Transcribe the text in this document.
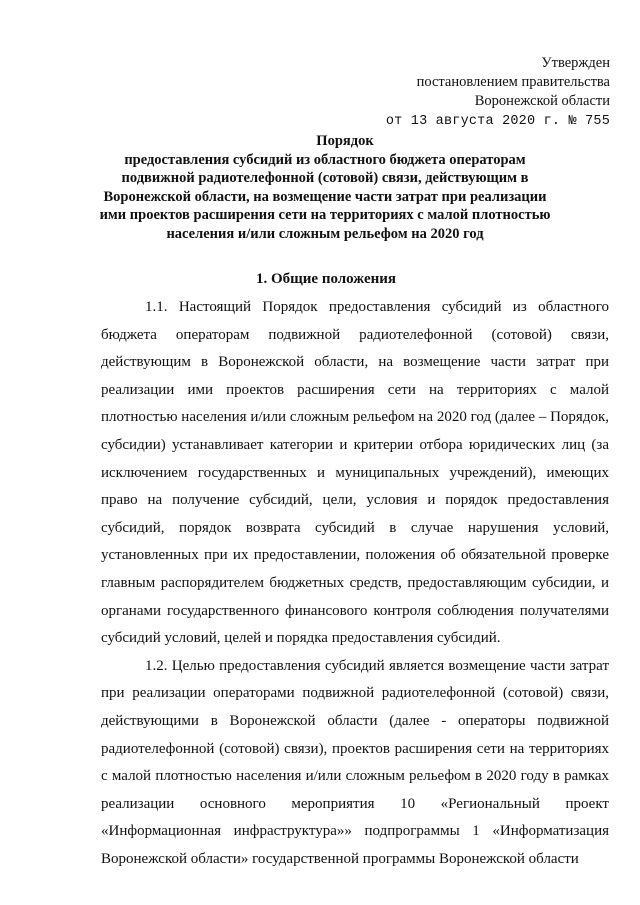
Утвержден
постановлением правительства
Воронежской области
от 13 августа 2020 г. № 755
Порядок
предоставления субсидий из областного бюджета операторам подвижной радиотелефонной (сотовой) связи, действующим в Воронежской области, на возмещение части затрат при реализации ими проектов расширения сети на территориях с малой плотностью населения и/или сложным рельефом на 2020 год
1. Общие положения

1.1. Настоящий Порядок предоставления субсидий из областного бюджета операторам подвижной радиотелефонной (сотовой) связи, действующим в Воронежской области, на возмещение части затрат при реализации ими проектов расширения сети на территориях с малой плотностью населения и/или сложным рельефом на 2020 год (далее – Порядок, субсидии) устанавливает категории и критерии отбора юридических лиц (за исключением государственных и муниципальных учреждений), имеющих право на получение субсидий, цели, условия и порядок предоставления субсидий, порядок возврата субсидий в случае нарушения условий, установленных при их предоставлении, положения об обязательной проверке главным распорядителем бюджетных средств, предоставляющим субсидии, и органами государственного финансового контроля соблюдения получателями субсидий условий, целей и порядка предоставления субсидий.

1.2. Целью предоставления субсидий является возмещение части затрат при реализации операторами подвижной радиотелефонной (сотовой) связи, действующими в Воронежской области (далее - операторы подвижной радиотелефонной (сотовой) связи), проектов расширения сети на территориях с малой плотностью населения и/или сложным рельефом в 2020 году в рамках реализации основного мероприятия 10 «Региональный проект «Информационная инфраструктура»» подпрограммы 1 «Информатизация Воронежской области» государственной программы Воронежской области
